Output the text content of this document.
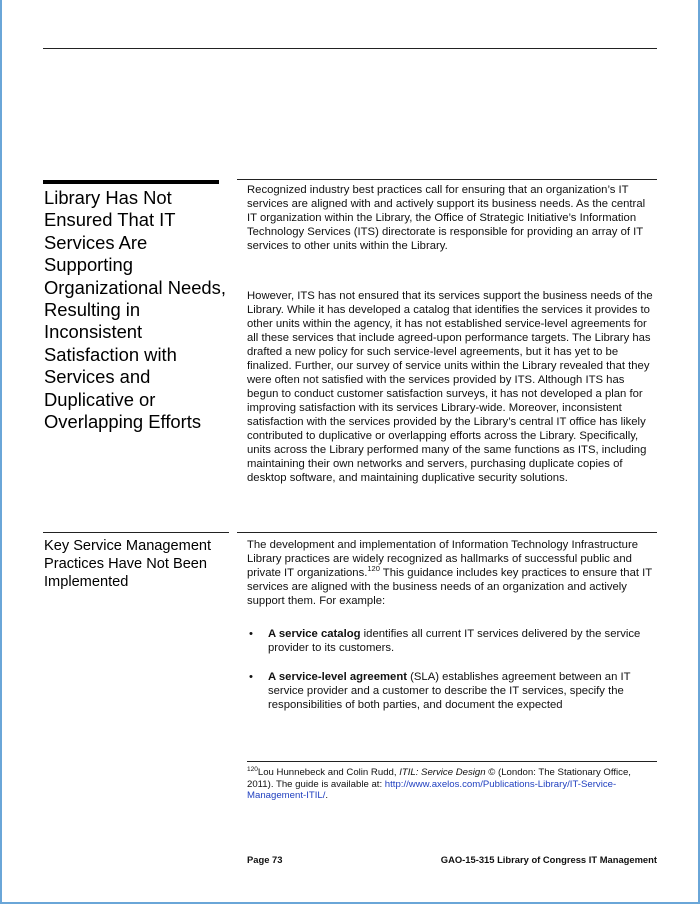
Library Has Not Ensured That IT Services Are Supporting Organizational Needs, Resulting in Inconsistent Satisfaction with Services and Duplicative or Overlapping Efforts

Recognized industry best practices call for ensuring that an organization’s IT services are aligned with and actively support its business needs. As the central IT organization within the Library, the Office of Strategic Initiative’s Information Technology Services (ITS) directorate is responsible for providing an array of IT services to other units within the Library.

However, ITS has not ensured that its services support the business needs of the Library. While it has developed a catalog that identifies the services it provides to other units within the agency, it has not established service-level agreements for all these services that include agreed-upon performance targets. The Library has drafted a new policy for such service-level agreements, but it has yet to be finalized. Further, our survey of service units within the Library revealed that they were often not satisfied with the services provided by ITS. Although ITS has begun to conduct customer satisfaction surveys, it has not developed a plan for improving satisfaction with its services Library-wide. Moreover, inconsistent satisfaction with the services provided by the Library’s central IT office has likely contributed to duplicative or overlapping efforts across the Library. Specifically, units across the Library performed many of the same functions as ITS, including maintaining their own networks and servers, purchasing duplicate copies of desktop software, and maintaining duplicative security solutions.

Key Service Management Practices Have Not Been Implemented

The development and implementation of Information Technology Infrastructure Library practices are widely recognized as hallmarks of successful public and private IT organizations.$^{120}$ This guidance includes key practices to ensure that IT services are aligned with the business needs of an organization and actively support them. For example:

• A service catalog identifies all current IT services delivered by the service provider to its customers.
• A service-level agreement (SLA) establishes agreement between an IT service provider and a customer to describe the IT services, specify the responsibilities of both parties, and document the expected
$^{120}$Lou Hunnebeck and Colin Rudd, ITIL: Service Design © (London: The Stationary Office, 2011). The guide is available at: http://www.axelos.com/Publications-Library/IT-Service-Management-ITIL/.
Page 73	GAO-15-315 Library of Congress IT Management
